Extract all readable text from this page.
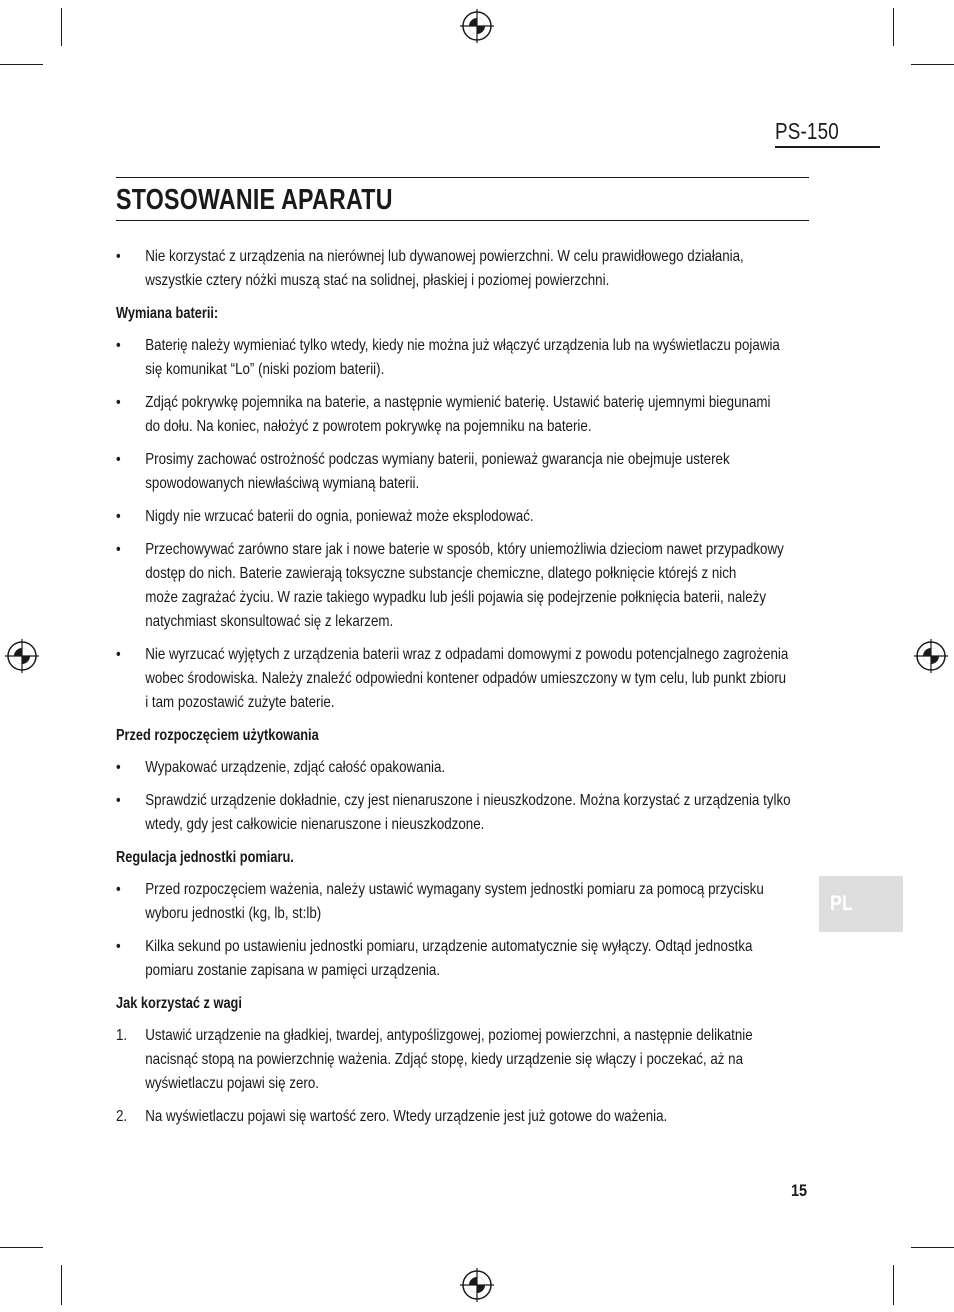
PS-150
STOSOWANIE APARATU
• Nie korzystać z urządzenia na nierównej lub dywanowej powierzchni. W celu prawidłowego działania,
wszystkie cztery nóżki muszą stać na solidnej, płaskiej i poziomej powierzchni.
Wymiana baterii:
• Baterię należy wymieniać tylko wtedy, kiedy nie można już włączyć urządzenia lub na wyświetlaczu pojawia
się komunikat “Lo” (niski poziom baterii).
• Zdjąć pokrywkę pojemnika na baterie, a następnie wymienić baterię. Ustawić baterię ujemnymi biegunami
do dołu. Na koniec, nałożyć z powrotem pokrywkę na pojemniku na baterie.
• Prosimy zachować ostrożność podczas wymiany baterii, ponieważ gwarancja nie obejmuje usterek
spowodowanych niewłaściwą wymianą baterii.
• Nigdy nie wrzucać baterii do ognia, ponieważ może eksplodować.
• Przechowywać zarówno stare jak i nowe baterie w sposób, który uniemożliwia dzieciom nawet przypadkowy
dostęp do nich. Baterie zawierają toksyczne substancje chemiczne, dlatego połknięcie którejś z nich
może zagrażać życiu. W razie takiego wypadku lub jeśli pojawia się podejrzenie połknięcia baterii, należy
natychmiast skonsultować się z lekarzem.
• Nie wyrzucać wyjętych z urządzenia baterii wraz z odpadami domowymi z powodu potencjalnego zagrożenia
wobec środowiska. Należy znaleźć odpowiedni kontener odpadów umieszczony w tym celu, lub punkt zbioru
i tam pozostawić zużyte baterie.
Przed rozpoczęciem użytkowania
• Wypakować urządzenie, zdjąć całość opakowania.
• Sprawdzić urządzenie dokładnie, czy jest nienaruszone i nieuszkodzone. Można korzystać z urządzenia tylko
wtedy, gdy jest całkowicie nienaruszone i nieuszkodzone.
Regulacja jednostki pomiaru.
• Przed rozpoczęciem ważenia, należy ustawić wymagany system jednostki pomiaru za pomocą przycisku
wyboru jednostki (kg, lb, st:lb)
• Kilka sekund po ustawieniu jednostki pomiaru, urządzenie automatycznie się wyłączy. Odtąd jednostka
pomiaru zostanie zapisana w pamięci urządzenia.
Jak korzystać z wagi
1. Ustawić urządzenie na gładkiej, twardej, antypoślizgowej, poziomej powierzchni, a następnie delikatnie
nacisnąć stopą na powierzchnię ważenia. Zdjąć stopę, kiedy urządzenie się włączy i poczekać, aż na
wyświetlaczu pojawi się zero.
2. Na wyświetlaczu pojawi się wartość zero. Wtedy urządzenie jest już gotowe do ważenia.
PL
15
